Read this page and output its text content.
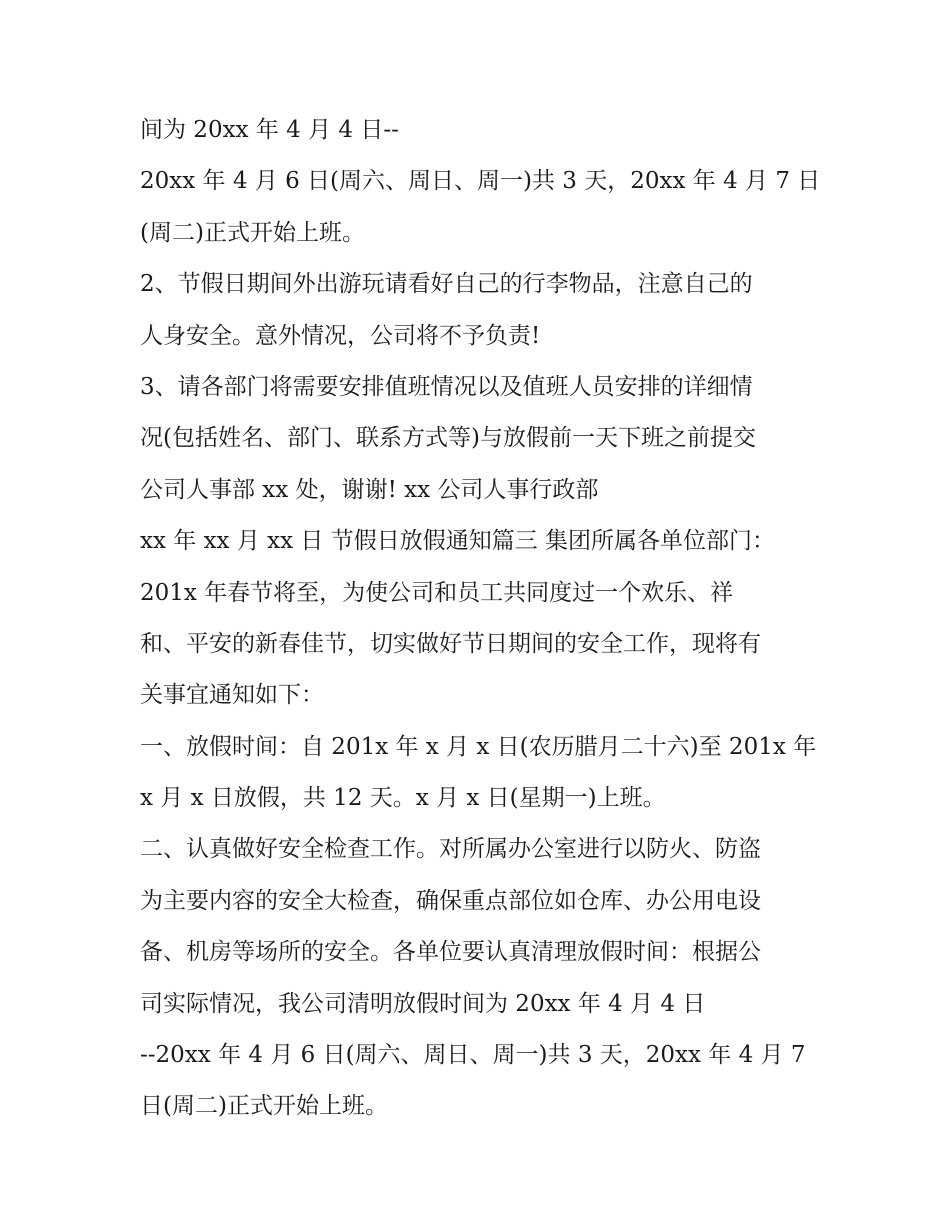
间为 20xx 年 4 月 4 日--
20xx 年 4 月 6 日(周六、周日、周一)共 3 天，20xx 年 4 月 7 日
(周二)正式开始上班。
2、节假日期间外出游玩请看好自己的行李物品，注意自己的
人身安全。意外情况，公司将不予负责!
3、请各部门将需要安排值班情况以及值班人员安排的详细情
况(包括姓名、部门、联系方式等)与放假前一天下班之前提交
公司人事部 xx 处，谢谢! xx 公司人事行政部
xx 年 xx 月 xx 日 节假日放假通知篇三 集团所属各单位部门：
201x 年春节将至，为使公司和员工共同度过一个欢乐、祥
和、平安的新春佳节，切实做好节日期间的安全工作，现将有
关事宜通知如下：
一、放假时间：自 201x 年 x 月 x 日(农历腊月二十六)至 201x 年
x 月 x 日放假，共 12 天。x 月 x 日(星期一)上班。
二、认真做好安全检查工作。对所属办公室进行以防火、防盗
为主要内容的安全大检查，确保重点部位如仓库、办公用电设
备、机房等场所的安全。各单位要认真清理放假时间：根据公
司实际情况，我公司清明放假时间为 20xx 年 4 月 4 日
--20xx 年 4 月 6 日(周六、周日、周一)共 3 天，20xx 年 4 月 7
日(周二)正式开始上班。
